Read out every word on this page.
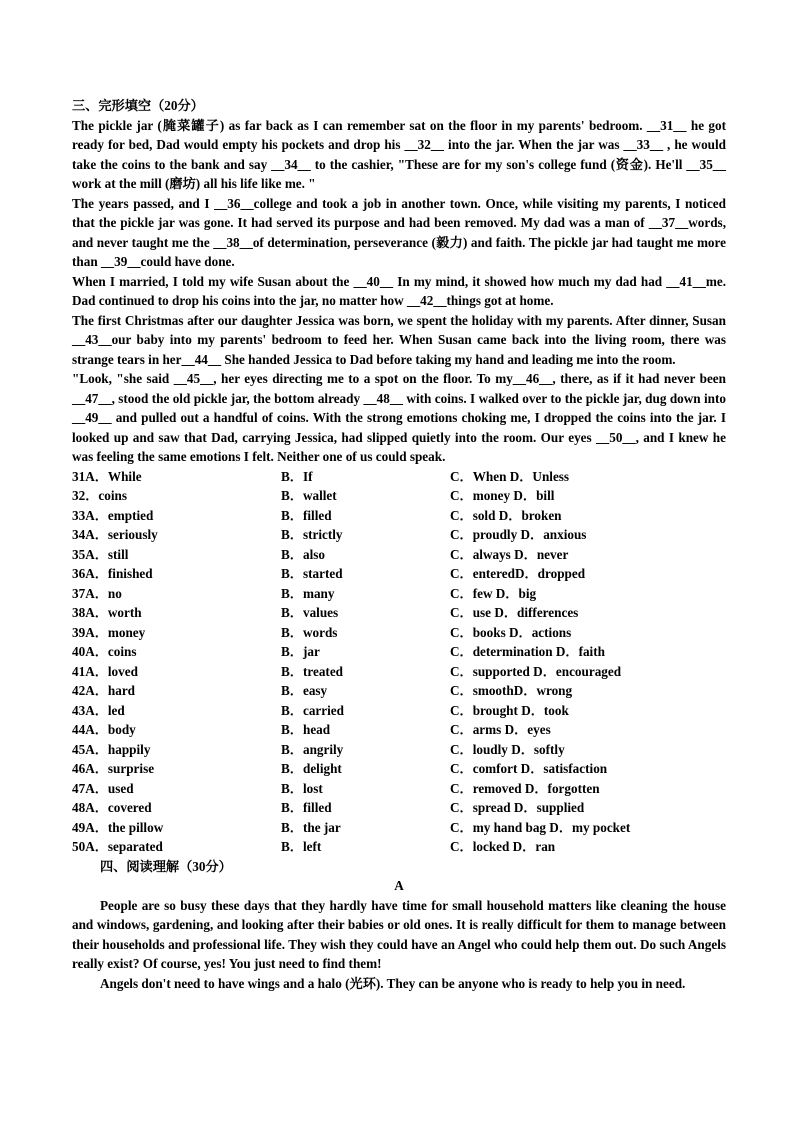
三、完形填空（20分）

The pickle jar (腌菜罐子) as far back as I can remember sat on the floor in my parents' bedroom. __31__ he got ready for bed, Dad would empty his pockets and drop his __32__ into the jar. When the jar was __33__ , he would take the coins to the bank and say __34__ to the cashier, "These are for my son's college fund (资金). He'll __35__ work at the mill (磨坊) all his life like me. "

The years passed, and I __36__college and took a job in another town. Once, while visiting my parents, I noticed that the pickle jar was gone. It had served its purpose and had been removed. My dad was a man of __37__words, and never taught me the __38__of determination, perseverance (毅力) and faith. The pickle jar had taught me more than __39__could have done.

When I married, I told my wife Susan about the __40__ In my mind, it showed how much my dad had __41__me. Dad continued to drop his coins into the jar, no matter how __42__things got at home.

The first Christmas after our daughter Jessica was born, we spent the holiday with my parents. After dinner, Susan __43__our baby into my parents' bedroom to feed her. When Susan came back into the living room, there was strange tears in her__44__ She handed Jessica to Dad before taking my hand and leading me into the room.

"Look, "she said __45__, her eyes directing me to a spot on the floor. To my__46__, there, as if it had never been __47__, stood the old pickle jar, the bottom already __48__ with coins. I walked over to the pickle jar, dug down into __49__ and pulled out a handful of coins. With the strong emotions choking me, I dropped the coins into the jar. I looked up and saw that Dad, carrying Jessica, had slipped quietly into the room. Our eyes __50__, and I knew he was feeling the same emotions I felt. Neither one of us could speak.

31A．While	B．If	C．When D．Unless
32．coins	B．wallet	C．money D．bill
33A．emptied	B．filled	C．sold D．broken
34A．seriously	B．strictly	C．proudly D．anxious
35A．still	B．also	C．always D．never
36A．finished	B．started	C．enteredD．dropped
37A．no	B．many	C．few D．big
38A．worth	B．values	C．use D．differences
39A．money	B．words	C．books D．actions
40A．coins	B．jar	C．determination D．faith
41A．loved	B．treated	C．supported D．encouraged
42A．hard	B．easy	C．smoothD．wrong
43A．led	B．carried	C．brought D．took
44A．body	B．head	C．arms D．eyes
45A．happily	B．angrily	C．loudly D．softly
46A．surprise	B．delight	C．comfort D．satisfaction
47A．used	B．lost	C．removed D．forgotten
48A．covered	B．filled	C．spread D．supplied
49A．the pillow	B．the jar	C．my hand bag D．my pocket
50A．separated	B．left	C．locked D．ran
四、阅读理解（30分）
A

People are so busy these days that they hardly have time for small household matters like cleaning the house and windows, gardening, and looking after their babies or old ones. It is really difficult for them to manage between their households and professional life. They wish they could have an Angel who could help them out. Do such Angels really exist? Of course, yes! You just need to find them!

Angels don't need to have wings and a halo (光环). They can be anyone who is ready to help you in need.
